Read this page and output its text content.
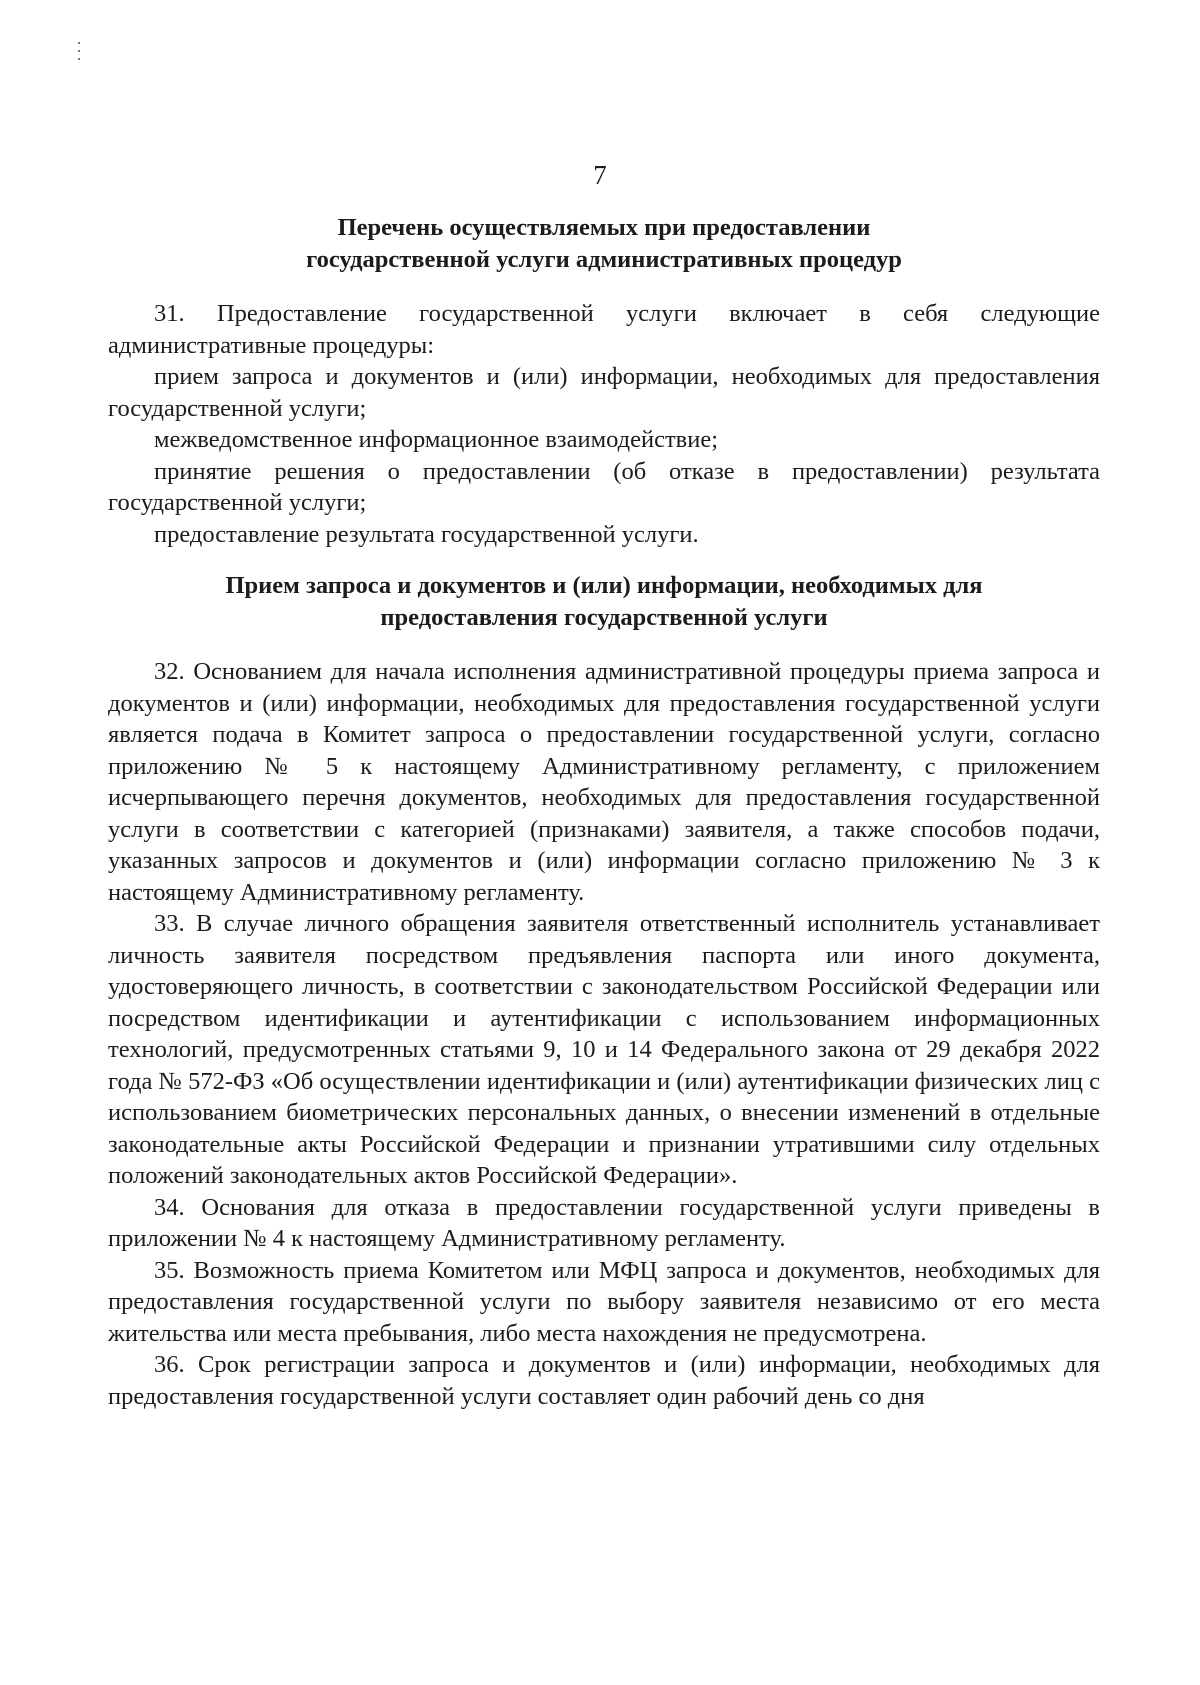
7
Перечень осуществляемых при предоставлении
государственной услуги административных процедур

31. Предоставление государственной услуги включает в себя следующие административные процедуры:

прием запроса и документов и (или) информации, необходимых для предоставления государственной услуги;

межведомственное информационное взаимодействие;

принятие решения о предоставлении (об отказе в предоставлении) результата государственной услуги;

предоставление результата государственной услуги.

Прием запроса и документов и (или) информации, необходимых для
предоставления государственной услуги

32. Основанием для начала исполнения административной процедуры приема запроса и документов и (или) информации, необходимых для предоставления государственной услуги является подача в Комитет запроса о предоставлении государственной услуги, согласно приложению № 5 к настоящему Административному регламенту, с приложением исчерпывающего перечня документов, необходимых для предоставления государственной услуги в соответствии с категорией (признаками) заявителя, а также способов подачи, указанных запросов и документов и (или) информации согласно приложению № 3 к настоящему Административному регламенту.

33. В случае личного обращения заявителя ответственный исполнитель устанавливает личность заявителя посредством предъявления паспорта или иного документа, удостоверяющего личность, в соответствии с законодательством Российской Федерации или посредством идентификации и аутентификации с использованием информационных технологий, предусмотренных статьями 9, 10 и 14 Федерального закона от 29 декабря 2022 года № 572-ФЗ «Об осуществлении идентификации и (или) аутентификации физических лиц с использованием биометрических персональных данных, о внесении изменений в отдельные законодательные акты Российской Федерации и признании утратившими силу отдельных положений законодательных актов Российской Федерации».

34. Основания для отказа в предоставлении государственной услуги приведены в приложении № 4 к настоящему Административному регламенту.

35. Возможность приема Комитетом или МФЦ запроса и документов, необходимых для предоставления государственной услуги по выбору заявителя независимо от его места жительства или места пребывания, либо места нахождения не предусмотрена.

36. Срок регистрации запроса и документов и (или) информации, необходимых для предоставления государственной услуги составляет один рабочий день со дня
